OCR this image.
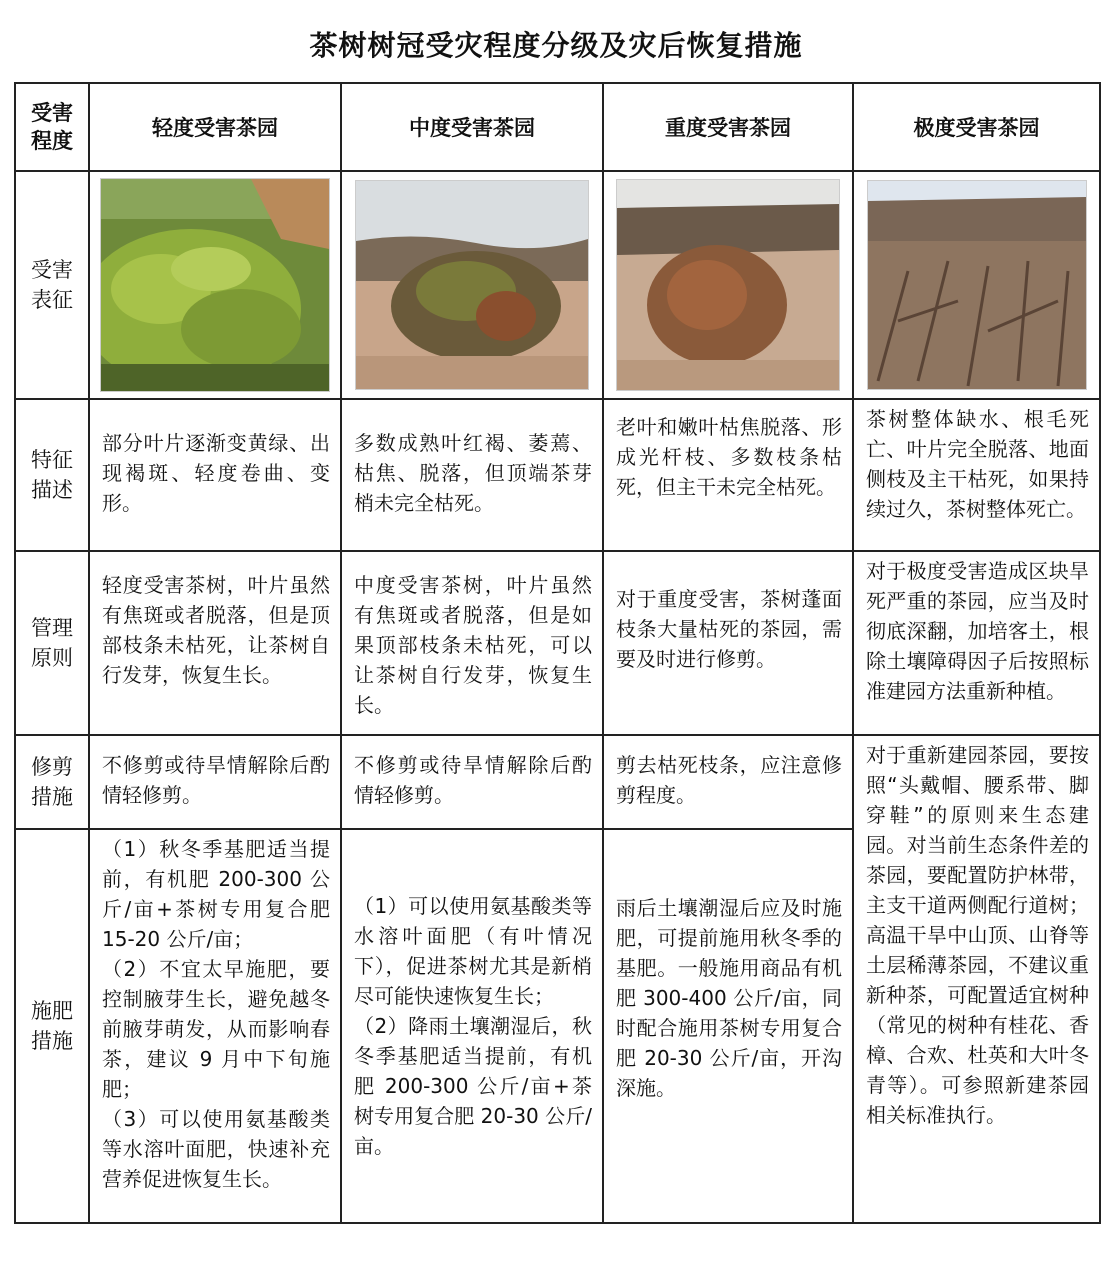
茶树树冠受灾程度分级及灾后恢复措施
受害
程度	轻度受害茶园	中度受害茶园	重度受害茶园	极度受害茶园
受害
表征	

特征
描述	部分叶片逐渐变黄绿、出现褐斑、轻度卷曲、变形。	多数成熟叶红褐、萎蔫、枯焦、脱落，但顶端茶芽梢未完全枯死。	老叶和嫩叶枯焦脱落、形成光杆枝、多数枝条枯死，但主干未完全枯死。	茶树整体缺水、根毛死亡、叶片完全脱落、地面侧枝及主干枯死，如果持续过久，茶树整体死亡。

管理
原则	轻度受害茶树，叶片虽然有焦斑或者脱落，但是顶部枝条未枯死，让茶树自行发芽，恢复生长。	中度受害茶树，叶片虽然有焦斑或者脱落，但是如果顶部枝条未枯死，可以让茶树自行发芽，恢复生长。	对于重度受害，茶树蓬面枝条大量枯死的茶园，需要及时进行修剪。	对于极度受害造成区块旱死严重的茶园，应当及时彻底深翻，加培客土，根除土壤障碍因子后按照标准建园方法重新种植。

修剪
措施	不修剪或待旱情解除后酌情轻修剪。	不修剪或待旱情解除后酌情轻修剪。	剪去枯死枝条，应注意修剪程度。	对于重新建园茶园，要按照“头戴帽、腰系带、脚穿鞋”的原则来生态建园。对当前生态条件差的茶园，要配置防护林带，主支干道两侧配行道树；高温干旱中山顶、山脊等土层稀薄茶园，不建议重新种茶，可配置适宜树种（常见的树种有桂花、香樟、合欢、杜英和大叶冬青等）。可参照新建茶园相关标准执行。

施肥
措施	（1）秋冬季基肥适当提前，有机肥 200-300 公斤/亩+茶树专用复合肥 15-20 公斤/亩；
（2）不宜太早施肥，要控制腋芽生长，避免越冬前腋芽萌发，从而影响春茶，建议 9 月中下旬施肥；
（3）可以使用氨基酸类等水溶叶面肥，快速补充营养促进恢复生长。	（1）可以使用氨基酸类等水溶叶面肥（有叶情况下），促进茶树尤其是新梢尽可能快速恢复生长；
（2）降雨土壤潮湿后，秋冬季基肥适当提前，有机肥 200-300 公斤/亩+茶树专用复合肥 20-30 公斤/亩。	雨后土壤潮湿后应及时施肥，可提前施用秋冬季的基肥。一般施用商品有机肥 300-400 公斤/亩，同时配合施用茶树专用复合肥 20-30 公斤/亩，开沟深施。	
